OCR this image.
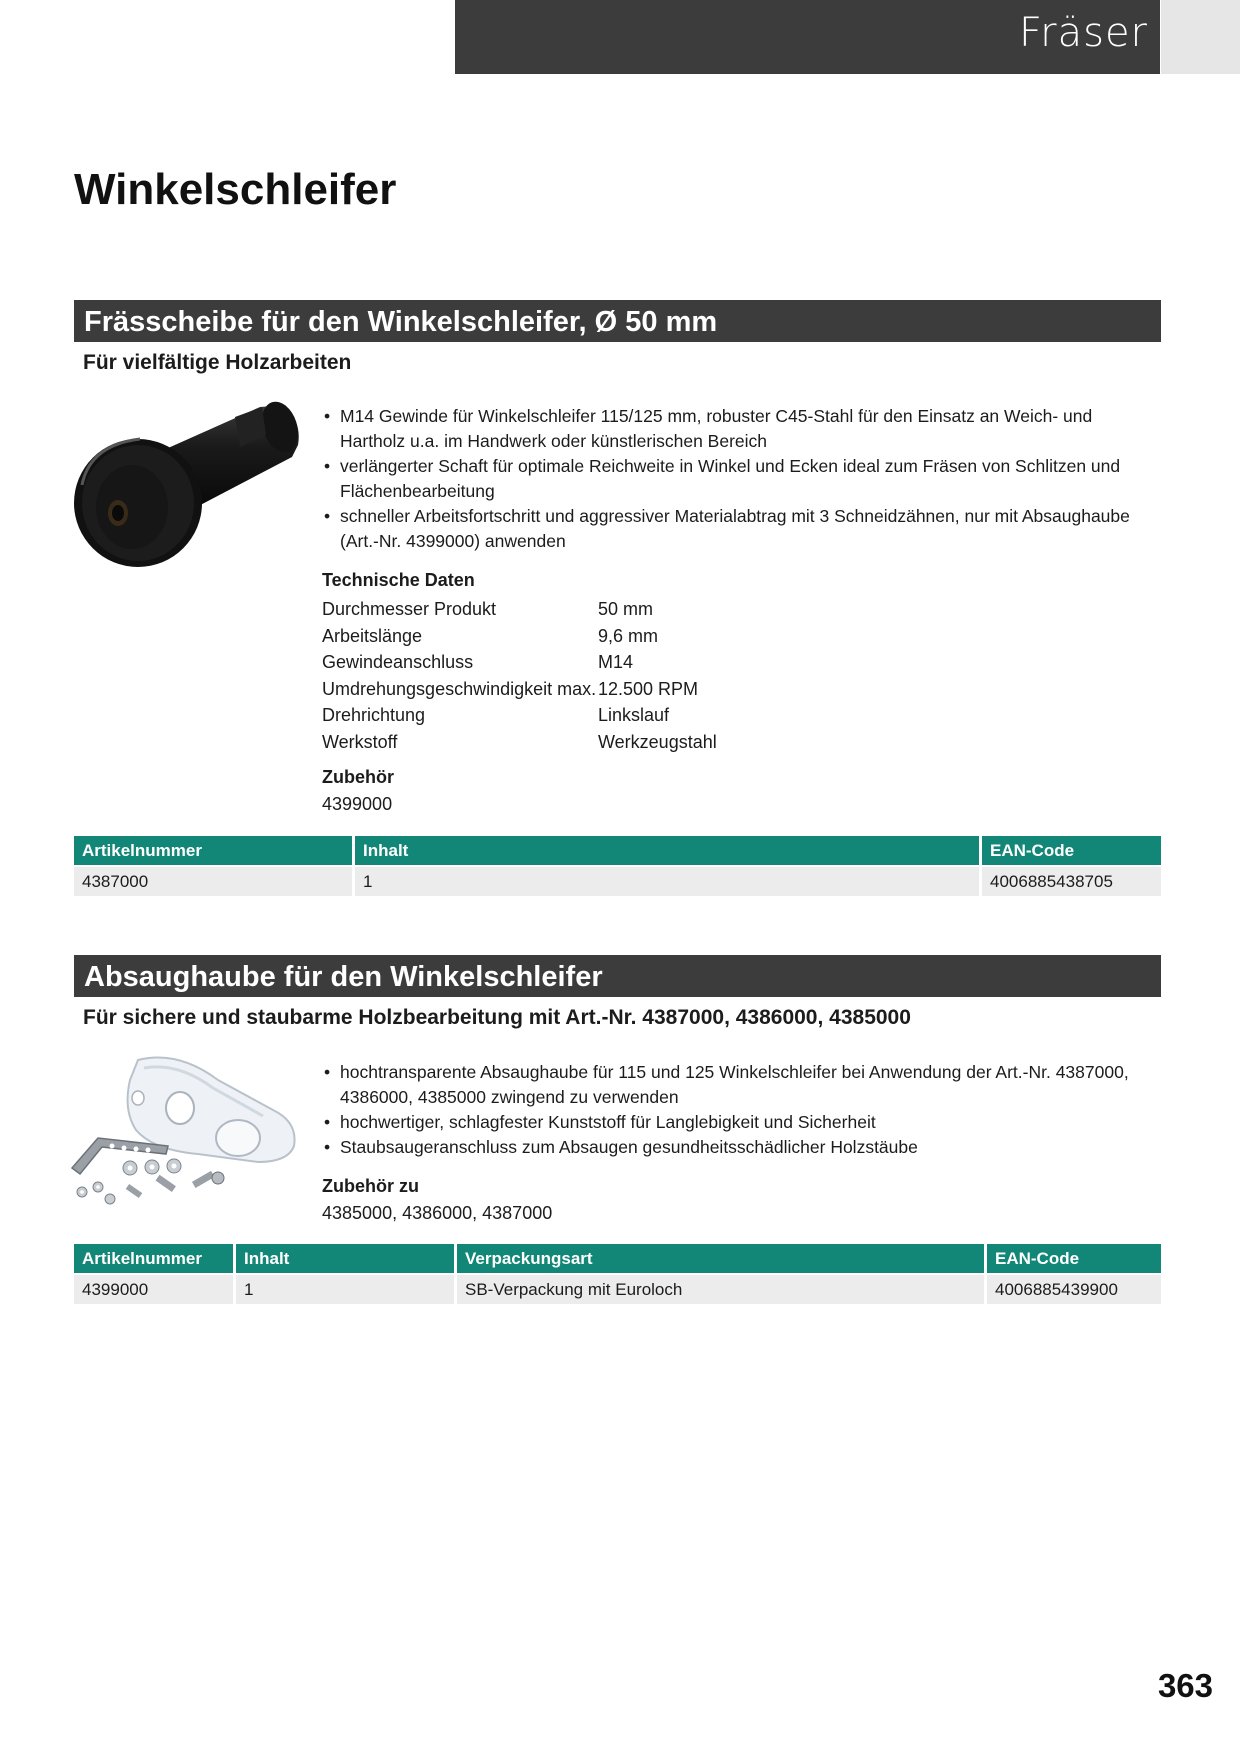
Fräser
Winkelschleifer
Frässcheibe für den Winkelschleifer, Ø 50 mm
Für vielfältige Holzarbeiten
• M14 Gewinde für Winkelschleifer 115/125 mm, robuster C45-Stahl für den Einsatz an Weich- und Hartholz u.a. im Handwerk oder künstlerischen Bereich
• verlängerter Schaft für optimale Reichweite in Winkel und Ecken ideal zum Fräsen von Schlitzen und Flächenbearbeitung
• schneller Arbeitsfortschritt und aggressiver Materialabtrag mit 3 Schneidzähnen, nur mit Absaughaube (Art.-Nr. 4399000) anwenden
Technische Daten
Durchmesser Produkt	50 mm
Arbeitslänge	9,6 mm
Gewindeanschluss	M14
Umdrehungsgeschwindigkeit max. 12.500 RPM
Drehrichtung	Linkslauf
Werkstoff	Werkzeugstahl
Zubehör
4399000
Artikelnummer	Inhalt	EAN-Code
4387000	1	4006885438705
Absaughaube für den Winkelschleifer
Für sichere und staubarme Holzbearbeitung mit Art.-Nr. 4387000, 4386000, 4385000
• hochtransparente Absaughaube für 115 und 125 Winkelschleifer bei Anwendung der Art.-Nr. 4387000, 4386000, 4385000 zwingend zu verwenden
• hochwertiger, schlagfester Kunststoff für Langlebigkeit und Sicherheit
• Staubsaugeranschluss zum Absaugen gesundheitsschädlicher Holzstäube
Zubehör zu
4385000, 4386000, 4387000
Artikelnummer	Inhalt	Verpackungsart	EAN-Code
4399000	1	SB-Verpackung mit Euroloch	4006885439900
363
